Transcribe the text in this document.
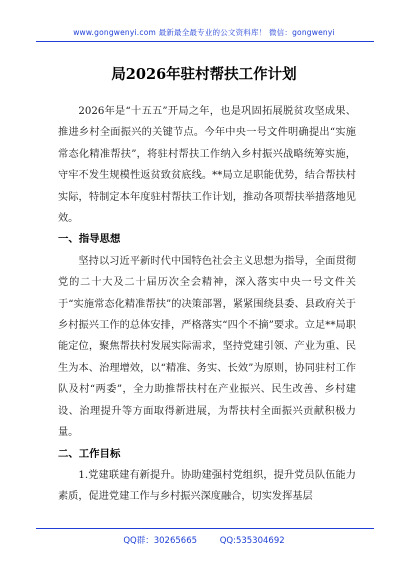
www.gongwenyi.com 最新最全最专业的公文资料库！ 微信：gongwenyi
局2026年驻村帮扶工作计划

2026年是“十五五”开局之年，也是巩固拓展脱贫攻坚成果、推进乡村全面振兴的关键节点。今年中央一号文件明确提出“实施常态化精准帮扶”，将驻村帮扶工作纳入乡村振兴战略统筹实施，守牢不发生规模性返贫致贫底线。**局立足职能优势，结合帮扶村实际，特制定本年度驻村帮扶工作计划，推动各项帮扶举措落地见效。

一、指导思想

坚持以习近平新时代中国特色社会主义思想为指导，全面贯彻党的二十大及二十届历次全会精神，深入落实中央一号文件关于“实施常态化精准帮扶”的决策部署，紧紧围绕县委、县政府关于乡村振兴工作的总体安排，严格落实“四个不摘”要求。立足**局职能定位，聚焦帮扶村发展实际需求，坚持党建引领、产业为重、民生为本、治理增效，以“精准、务实、长效”为原则，协同驻村工作队及村“两委”，全力助推帮扶村在产业振兴、民生改善、乡村建设、治理提升等方面取得新进展，为帮扶村全面振兴贡献积极力量。

二、工作目标

1.党建联建有新提升。协助建强村党组织，提升党员队伍能力素质，促进党建工作与乡村振兴深度融合，切实发挥基层

QQ群：30265665	QQ:535304692
